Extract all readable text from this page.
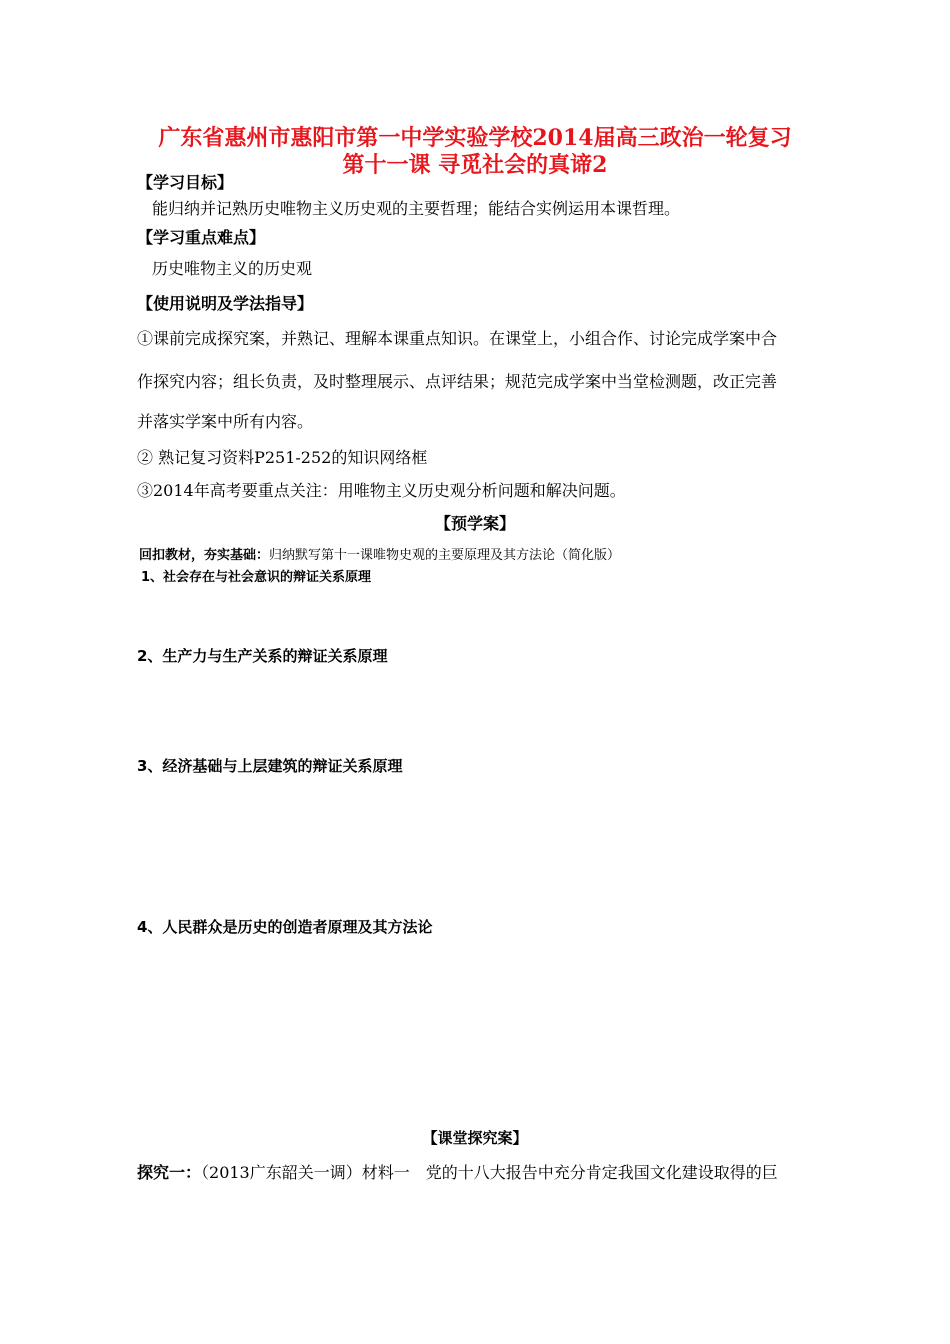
广东省惠州市惠阳市第一中学实验学校2014届高三政治一轮复习
第十一课 寻觅社会的真谛2
【学习目标】
能归纳并记熟历史唯物主义历史观的主要哲理；能结合实例运用本课哲理。
【学习重点难点】
历史唯物主义的历史观
【使用说明及学法指导】
①课前完成探究案，并熟记、理解本课重点知识。在课堂上，小组合作、讨论完成学案中合
作探究内容；组长负责，及时整理展示、点评结果；规范完成学案中当堂检测题，改正完善
并落实学案中所有内容。
② 熟记复习资料P251-252的知识网络框
③2014年高考要重点关注：用唯物主义历史观分析问题和解决问题。
【预学案】
回扣教材，夯实基础：归纳默写第十一课唯物史观的主要原理及其方法论（简化版）
1、社会存在与社会意识的辩证关系原理
2、生产力与生产关系的辩证关系原理
3、经济基础与上层建筑的辩证关系原理
4、人民群众是历史的创造者原理及其方法论
【课堂探究案】
探究一：（2013广东韶关一调）材料一　党的十八大报告中充分肯定我国文化建设取得的巨
